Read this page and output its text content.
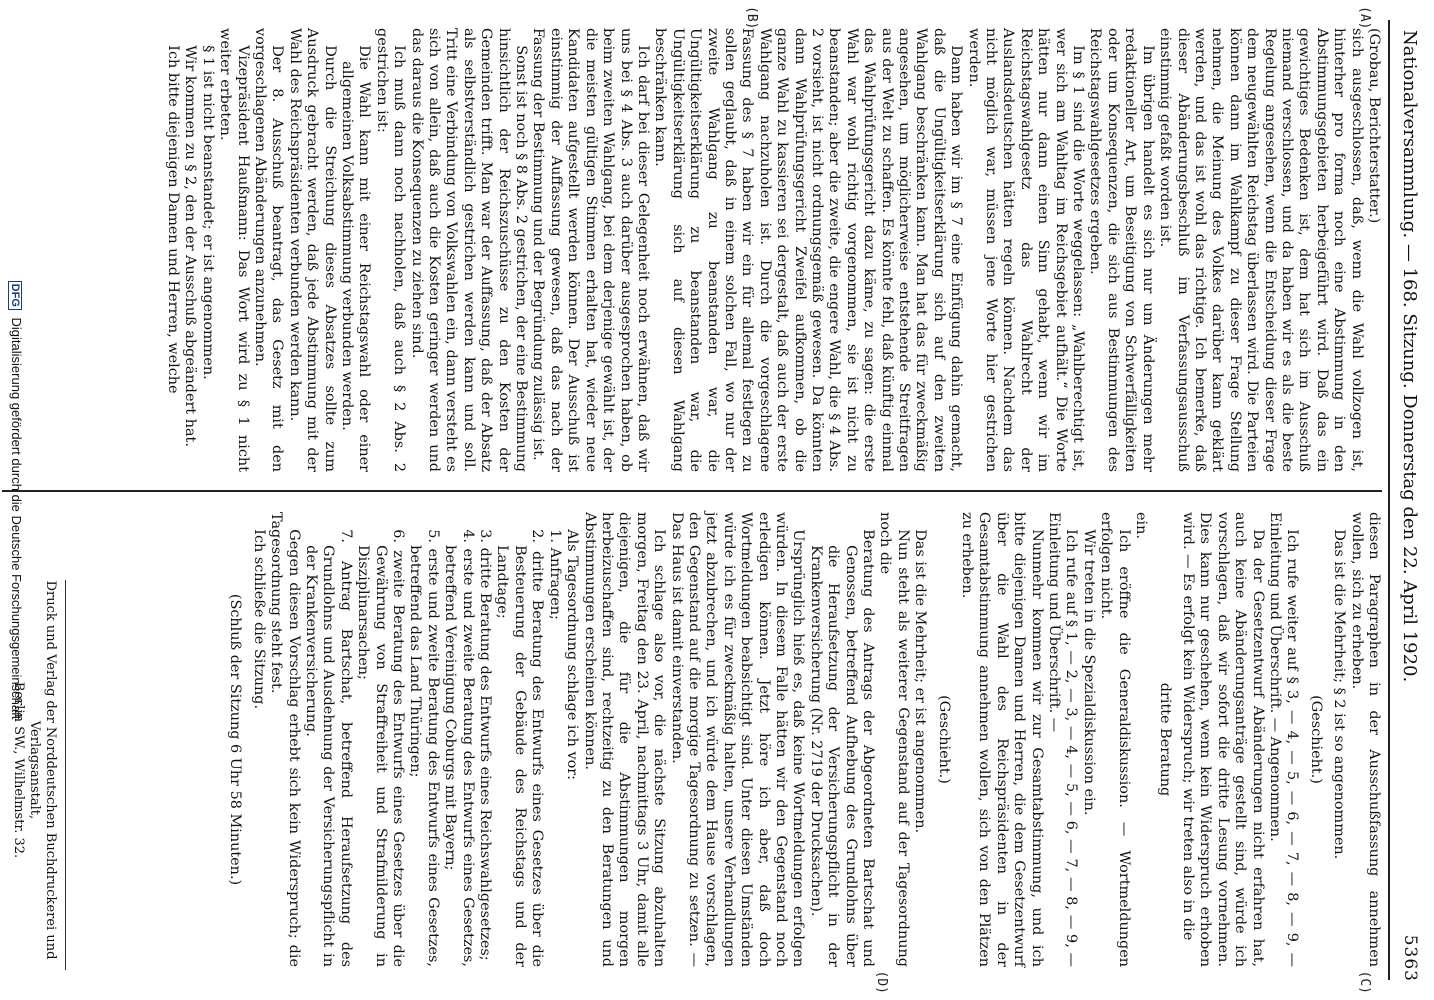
Nationalversammlung. — 168. Sitzung. Donnerstag den 22. April 1920.
5363
(A)
(B)
(C)
(D)

(Grobau, Berichterstatter.)

sich ausgeschlossen, daß, wenn die Wahl vollzogen ist, hinterher pro forma noch eine Abstimmung in den Abstimmungsgebieten herbeigeführt wird. Daß das ein gewichtiges Bedenken ist, dem hat sich im Ausschuß niemand verschlossen, und da haben wir es als die beste Regelung angesehen, wenn die Entscheidung dieser Frage dem neugewählten Reichstag überlassen wird. Die Parteien können dann im Wahlkampf zu dieser Frage Stellung nehmen, die Meinung des Volkes darüber kann geklärt werden, und das ist wohl das richtige. Ich bemerke, daß dieser Abänderungsbeschluß im Verfassungsausschuß einstimmig gefaßt worden ist.

Im übrigen handelt es sich nur um Änderungen mehr redaktioneller Art, um Beseitigung von Schwerfälligkeiten oder um Konsequenzen, die sich aus Bestimmungen des Reichstagswahlgesetzes ergeben.

Im § 1 sind die Worte weggelassen: „Wahlberechtigt ist, wer sich am Wahltag im Reichsgebiet aufhält.“ Die Worte hätten nur dann einen Sinn gehabt, wenn wir im Reichstagswahlgesetz das Wahlrecht der Auslandsdeutschen hätten regeln können. Nachdem das nicht möglich war, müssen jene Worte hier gestrichen werden.

Dann haben wir im § 7 eine Einfügung dahin gemacht, daß die Ungültigkeitserklärung sich auf den zweiten Wahlgang beschränken kann. Man hat das für zweckmäßig angesehen, um möglicherweise entstehende Streitfragen aus der Welt zu schaffen. Es könnte fehl, daß künftig einmal das Wahlprüfungsgericht dazu käme, zu sagen: die erste Wahl war wohl richtig vorgenommen, sie ist nicht zu beanstanden; aber die zweite, die engere Wahl, die § 4 Abs. 2 vorsieht, ist nicht ordnungsgemäß gewesen. Da könnten dann Wahlprüfungsgericht Zweifel aufkommen, ob die ganze Wahl zu kassieren sei dergestalt, daß auch der erste Wahlgang nachzuholen ist. Durch die vorgeschlagene Fassung des § 7 haben wir ein für allemal festlegen zu sollen geglaubt, daß in einem solchen Fall, wo nur der zweite Wahlgang zu beanstanden war, die Ungültigkeitserklärung zu beanstanden war, die Ungültigkeitserklärung sich auf diesen Wahlgang beschränken kann.

Ich darf bei dieser Gelegenheit noch erwähnen, daß wir uns bei § 4 Abs. 3 auch darüber ausgesprochen haben, ob beim zweiten Wahlgang, bei dem derjenige gewählt ist, der die meisten gültigen Stimmen erhalten hat, wieder neue Kandidaten aufgestellt werden können. Der Ausschuß ist einstimmig der Auffassung gewesen, daß das nach der Fassung der Bestimmung und der Begründung zulässig ist.

Sonst ist noch § 8 Abs. 2 gestrichen, der eine Bestimmung hinsichtlich der Reichszuschüsse zu den Kosten der Gemeinden trifft. Man war der Auffassung, daß der Absatz als selbstverständlich gestrichen werden kann und soll. Tritt eine Verbindung von Volkswahlen ein, dann versteht es sich von allein, daß auch die Kosten geringer werden und das daraus die Konsequenzen zu ziehen sind.

Ich muß dann noch nachholen, daß auch § 2 Abs. 2 gestrichen ist:

Die Wahl kann mit einer Reichstagswahl oder einer allgemeinen Volksabstimmung verbunden werden.

Durch die Streichung dieses Absatzes sollte zum Ausdruck gebracht werden, daß jede Abstimmung mit der Wahl des Reichspräsidenten verbunden werden kann.

Der 8. Ausschuß beantragt, das Gesetz mit den vorgeschlagenen Abänderungen anzunehmen.

Vizepräsident Haußmann: Das Wort wird zu § 1 nicht weiter erbeten.

§ 1 ist nicht beanstandet; er ist angenommen.

Wir kommen zu § 2, den der Ausschuß abgeändert hat.

Ich bitte diejenigen Damen und Herren, welche

diesen Paragraphen in der Ausschußfassung annehmen wollen, sich zu erheben.

Das ist die Mehrheit; § 2 ist so angenommen.

(Geschieht.)

Ich rufe weiter auf § 3, — 4, — 5, — 6, — 7, — 8, — 9, — Einleitung und Überschrift. — Angenommen.

Da der Gesetzentwurf Abänderungen nicht erfahren hat, auch keine Abänderungsanträge gestellt sind, würde ich vorschlagen, daß wir sofort die dritte Lesung vornehmen. Dies kann nur geschehen, wenn kein Widerspruch erhoben wird. — Es erfolgt kein Widerspruch; wir treten also in die

dritte Beratung

ein.

Ich eröffne die Generaldiskussion. — Wortmeldungen erfolgen nicht.

Wir treten in die Spezialdiskussion ein.

Ich rufe auf § 1, — 2, — 3, — 4, — 5, — 6, — 7, — 8, — 9, — Einleitung und Überschrift. —

Nunmehr kommen wir zur Gesamtabstimmung, und ich bitte diejenigen Damen und Herren, die dem Gesetzentwurf über die Wahl des Reichspräsidenten in der Gesamtabstimmung annehmen wollen, sich von den Plätzen zu erheben.

(Geschieht.)

Das ist die Mehrheit; er ist angenommen.

Nun steht als weiterer Gegenstand auf der Tagesordnung noch die

Beratung des Antrags der Abgeordneten Bartschat und Genossen, betreffend Aufhebung des Grundlohns über die Heraufsetzung der Versicherungspflicht in der Krankenversicherung (Nr. 2719 der Drucksachen).

Ursprünglich hieß es, daß keine Wortmeldungen erfolgen würden. In diesem Falle hätten wir den Gegenstand noch erledigen können. Jetzt höre ich aber, daß doch Wortmeldungen beabsichtigt sind. Unter diesen Umständen würde ich es für zweckmäßig halten, unsere Verhandlungen jetzt abzubrechen, und ich würde dem Hause vorschlagen, den Gegenstand auf die morgige Tagesordnung zu setzen. — Das Haus ist damit einverstanden.

Ich schlage also vor, die nächste Sitzung abzuhalten morgen, Freitag den 23. April, nachmittags 3 Uhr, damit alle diejenigen, die für die Abstimmungen morgen herbeizuschaffen sind, rechtzeitig zu den Beratungen und Abstimmungen erscheinen können.

Als Tagesordnung schlage ich vor:

1. Anfragen;

2. dritte Beratung des Entwurfs eines Gesetzes über die Besteuerung der Gebäude des Reichstags und der Landtage;

3. dritte Beratung des Entwurfs eines Reichswahlgesetzes;

4. erste und zweite Beratung des Entwurfs eines Gesetzes, betreffend Vereinigung Coburgs mit Bayern;

5. erste und zweite Beratung des Entwurfs eines Gesetzes, betreffend das Land Thüringen;

6. zweite Beratung des Entwurfs eines Gesetzes über die Gewährung von Straffreiheit und Strafmilderung in Disziplinarsachen;

7. Antrag Bartschat, betreffend Heraufsetzung des Grundlohns und Ausdehnung der Versicherungspflicht in der Krankenversicherung.

Gegen diesen Vorschlag erhebt sich kein Widerspruch; die Tagesordnung steht fest.

Ich schließe die Sitzung.

(Schluß der Sitzung 6 Uhr 58 Minuten.)

Druck und Verlag der Norddeutschen Buchdruckerei und Verlagsanstalt,
Berlin SW., Wilhelmstr. 32.
DFG Digitalisierung gefördert durch die Deutsche Forschungsgemeinschaft
